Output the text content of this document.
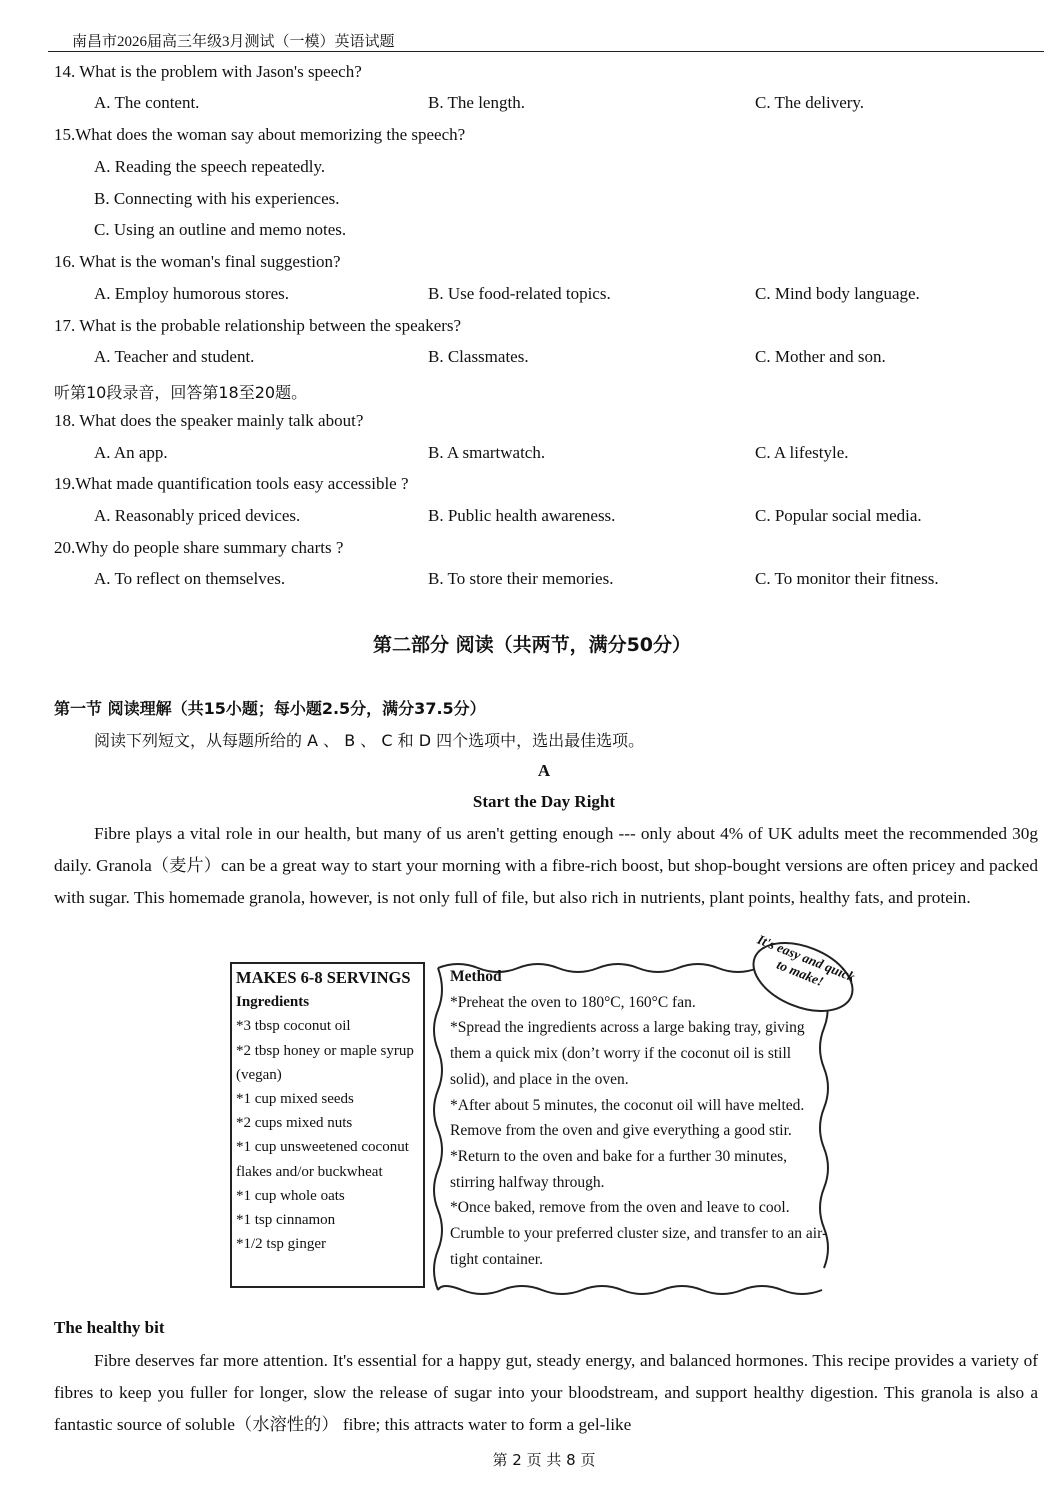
南昌市2026届高三年级3月测试（一模）英语试题
14. What is the problem with Jason's speech?
A. The content.	B. The length.	C. The delivery.
15.What does the woman say about memorizing the speech?
A. Reading the speech repeatedly.
B. Connecting with his experiences.
C. Using an outline and memo notes.
16. What is the woman's final suggestion?
A. Employ humorous stores.	B. Use food-related topics.	C. Mind body language.
17. What is the probable relationship between the speakers?
A. Teacher and student.	B. Classmates.	C. Mother and son.
听第10段录音，回答第18至20题。
18. What does the speaker mainly talk about?
A. An app.	B. A smartwatch.	C. A lifestyle.
19.What made quantification tools easy accessible ?
A. Reasonably priced devices.	B. Public health awareness.	C. Popular social media.
20.Why do people share summary charts ?
A. To reflect on themselves.	B. To store their memories.	C. To monitor their fitness.
第二部分 阅读（共两节，满分50分）
第一节 阅读理解（共15小题；每小题2.5分，满分37.5分）
阅读下列短文，从每题所给的 A 、 B 、 C 和 D 四个选项中，选出最佳选项。
A
Start the Day Right

Fibre plays a vital role in our health, but many of us aren't getting enough --- only about 4% of UK adults meet the recommended 30g daily. Granola（麦片）can be a great way to start your morning with a fibre-rich boost, but shop-bought versions are often pricey and packed with sugar. This homemade granola, however, is not only full of file, but also rich in nutrients, plant points, healthy fats, and protein.

MAKES 6-8 SERVINGS
Ingredients
*3 tbsp coconut oil
*2 tbsp honey or maple syrup (vegan)
*1 cup mixed seeds
*2 cups mixed nuts
*1 cup unsweetened coconut flakes and/or buckwheat
*1 cup whole oats
*1 tsp cinnamon
*1/2 tsp ginger
Method
*Preheat the oven to 180°C, 160°C fan.
*Spread the ingredients across a large baking tray, giving them a quick mix (don’t worry if the coconut oil is still solid), and place in the oven.
*After about 5 minutes, the coconut oil will have melted. Remove from the oven and give everything a good stir.
*Return to the oven and bake for a further 30 minutes, stirring halfway through.
*Once baked, remove from the oven and leave to cool. Crumble to your preferred cluster size, and transfer to an air-tight container.
It's easy and quick to make!
The healthy bit

Fibre deserves far more attention. It's essential for a happy gut, steady energy, and balanced hormones. This recipe provides a variety of fibres to keep you fuller for longer, slow the release of sugar into your bloodstream, and support healthy digestion. This granola is also a fantastic source of soluble（水溶性的） fibre; this attracts water to form a gel-like

第 2 页 共 8 页
